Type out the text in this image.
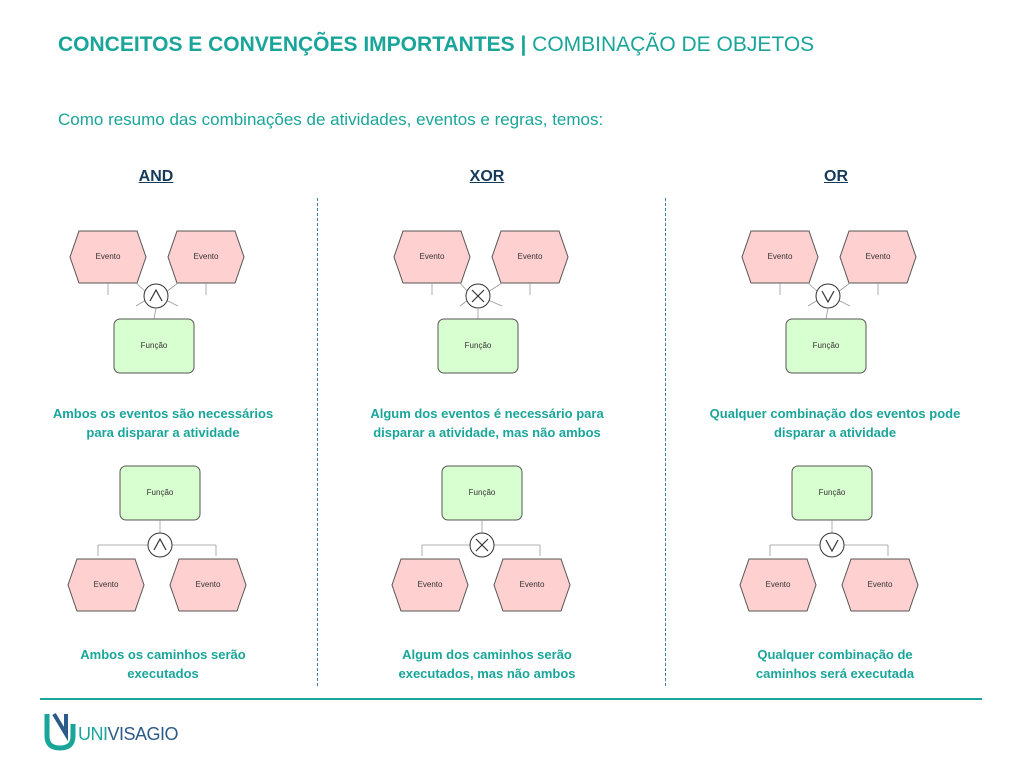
CONCEITOS E CONVENÇÕES IMPORTANTES | COMBINAÇÃO DE OBJETOS
Como resumo das combinações de atividades, eventos e regras, temos:
AND	XOR	OR
Evento	Evento
Função
Evento	Evento
Função
Evento	Evento
Função
Função
Evento	Evento
Função
Evento	Evento
Função
Evento	Evento
Ambos os eventos são necessários
para disparar a atividade
Algum dos eventos é necessário para
disparar a atividade, mas não ambos
Qualquer combinação dos eventos pode
disparar a atividade
Ambos os caminhos serão
executados
Algum dos caminhos serão
executados, mas não ambos
Qualquer combinação de
caminhos será executada
UNIVISAGIO
